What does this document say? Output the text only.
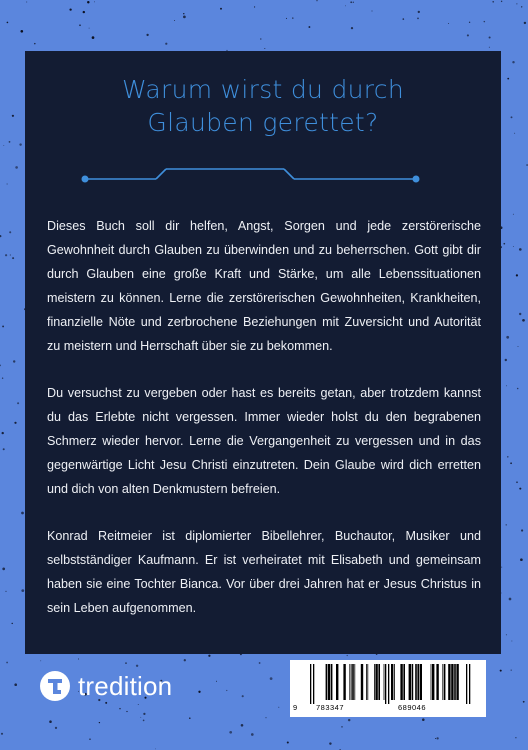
Warum wirst du durch
Glauben gerettet?

Dieses Buch soll dir helfen, Angst, Sorgen und jede zerstörerische Gewohnheit durch Glauben zu überwinden und zu beherrschen. Gott gibt dir durch Glauben eine große Kraft und Stärke, um alle Lebenssituationen meistern zu können. Lerne die zerstörerischen Gewohnheiten, Krankheiten, finanzielle Nöte und zerbrochene Beziehungen mit Zuversicht und Autorität zu meistern und Herrschaft über sie zu bekommen.

Du versuchst zu vergeben oder hast es bereits getan, aber trotzdem kannst du das Erlebte nicht vergessen. Immer wieder holst du den begrabenen Schmerz wieder hervor. Lerne die Vergangenheit zu vergessen und in das gegenwärtige Licht Jesu Christi einzutreten. Dein Glaube wird dich erretten und dich von alten Denkmustern befreien.

Konrad Reitmeier ist diplomierter Bibellehrer, Buchautor, Musiker und selbstständiger Kaufmann. Er ist verheiratet mit Elisabeth und gemeinsam haben sie eine Tochter Bianca. Vor über drei Jahren hat er Jesus Christus in sein Leben aufgenommen.

tredition
9 783347	689046
